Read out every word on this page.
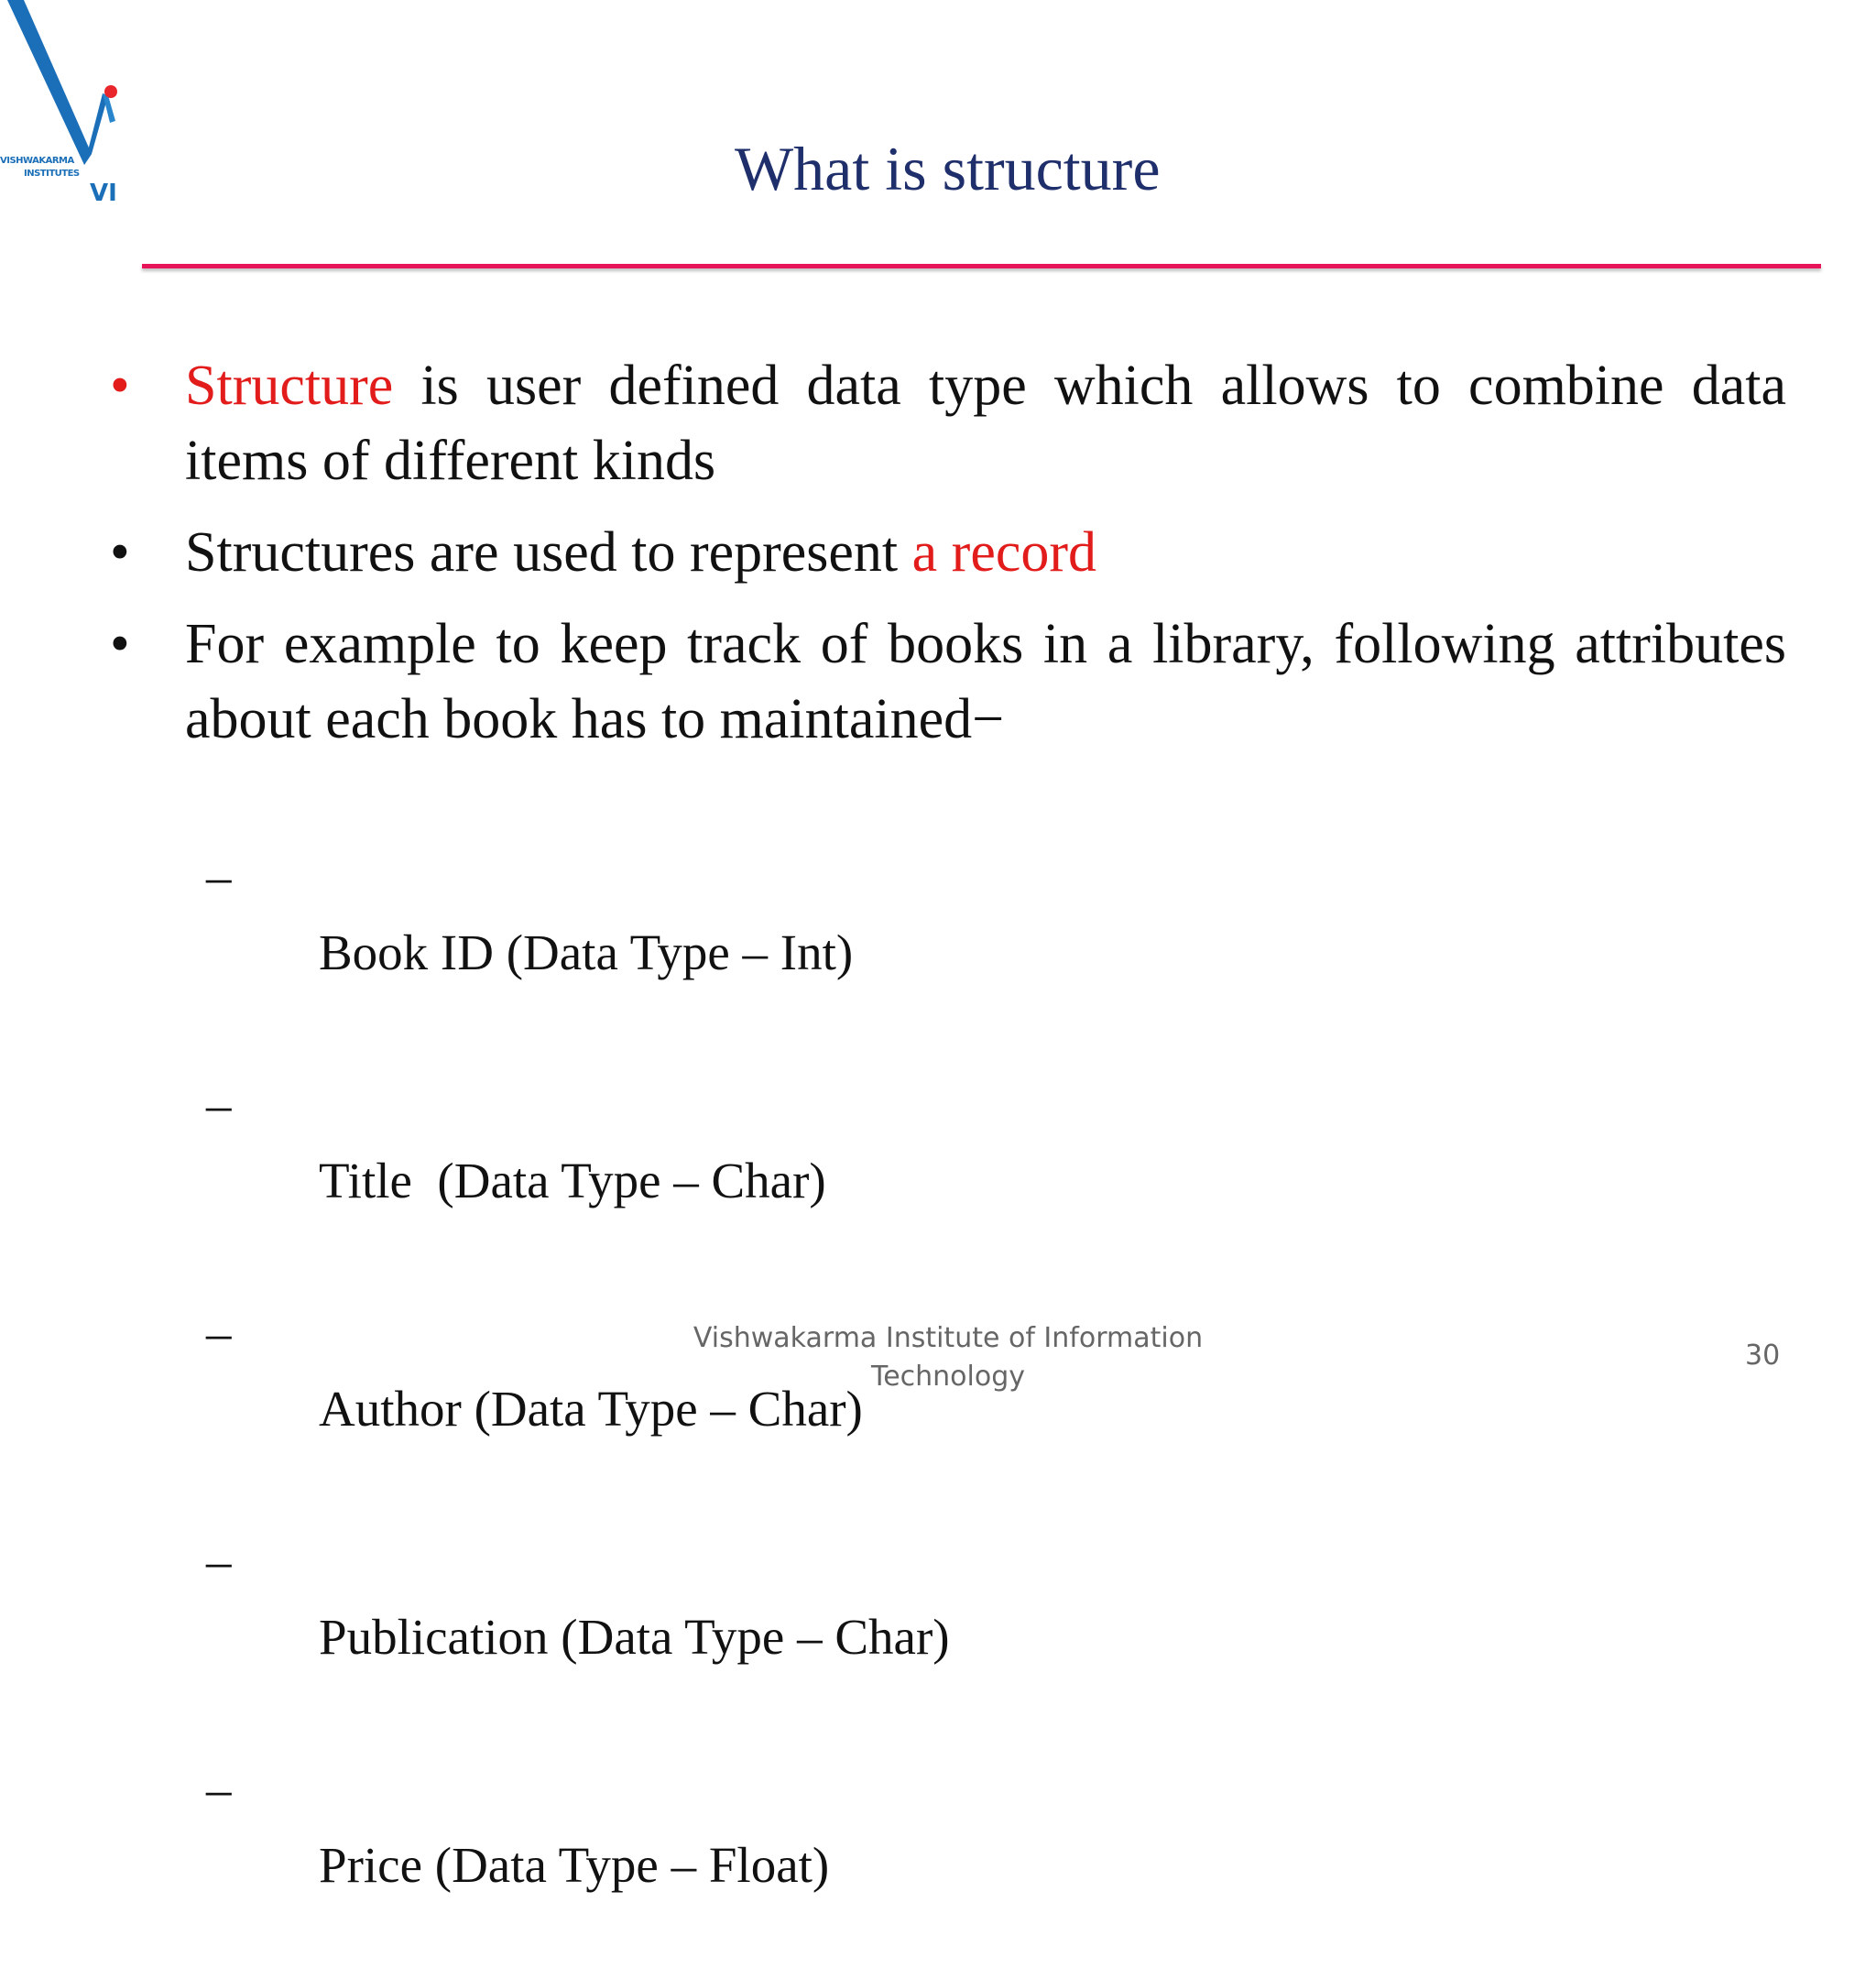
VISHWAKARMA
INSTITUTES
VI	What is structure
• Structure is user defined data type which allows to combine data items of different kinds
• Structures are used to represent a record
• For example to keep track of books in a library, following attributes about each book has to maintained−

–
Book ID (Data Type – Int)

–
Title  (Data Type – Char)

–
Author (Data Type – Char)

–
Publication (Data Type – Char)

–
Price (Data Type – Float)

Vishwakarma Institute of Information
Technology
30
